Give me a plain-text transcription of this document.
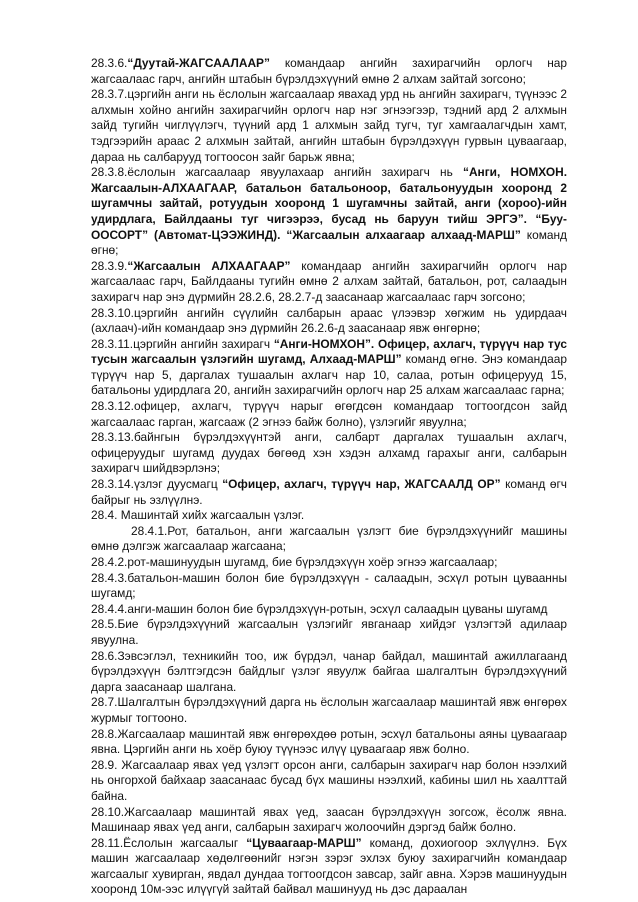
28.3.6.“Дуутай-ЖАГСААЛААР” командаар ангийн захирагчийн орлогч нар жагсаалаас гарч, ангийн штабын бүрэлдэхүүний өмнө 2 алхам зайтай зогсоно;

28.3.7.цэргийн анги нь ёслолын жагсаалаар явахад урд нь ангийн захирагч, түүнээс 2 алхмын хойно ангийн захирагчийн орлогч нар нэг эгнээгээр, тэдний ард 2 алхмын зайд тугийн чиглүүлэгч, түүний ард 1 алхмын зайд тугч, туг хамгаалагчдын хамт, тэдгээрийн араас 2 алхмын зайтай, ангийн штабын бүрэлдэхүүн гурвын цуваагаар, дараа нь салбарууд тогтоосон зайг барьж явна;

28.3.8.ёслолын жагсаалаар явуулахаар ангийн захирагч нь “Анги, НОМХОН. Жагсаалын-АЛХААГААР, батальон батальоноор, батальонуудын хооронд 2 шугамчны зайтай, ротуудын хооронд 1 шугамчны зайтай, анги (хороо)-ийн удирдлага, Байлдааны туг чигээрээ, бусад нь баруун тийш ЭРГЭ”. “Буу-ООСОРТ” (Автомат-ЦЭЭЖИНД). “Жагсаалын алхаагаар алхаад-МАРШ” команд өгнө;

28.3.9.“Жагсаалын АЛХААГААР” командаар ангийн захирагчийн орлогч нар жагсаалаас гарч, Байлдааны тугийн өмнө 2 алхам зайтай, батальон, рот, салаадын захирагч нар энэ дүрмийн 28.2.6, 28.2.7-д заасанаар жагсаалаас гарч зогсоно;

28.3.10.цэргийн ангийн сүүлийн салбарын араас үлээвэр хөгжим нь удирдаач (ахлаач)-ийн командаар энэ дүрмийн 26.2.6-д заасанаар явж өнгөрнө;

28.3.11.цэргийн ангийн захирагч “Анги-НОМХОН”. Офицер, ахлагч, түрүүч нар тус тусын жагсаалын үзлэгийн шугамд, Алхаад-МАРШ” команд өгнө. Энэ командаар түрүүч нар 5, даргалах тушаалын ахлагч нар 10, салаа, ротын офицерууд 15, батальоны удирдлага 20, ангийн захирагчийн орлогч нар 25 алхам жагсаалаас гарна;

28.3.12.офицер, ахлагч, түрүүч нарыг өгөгдсөн командаар тогтоогдсон зайд жагсаалаас гарган, жагсааж (2 эгнээ байж болно), үзлэгийг явуулна;

28.3.13.байнгын бүрэлдэхүүнтэй анги, салбарт даргалах тушаалын ахлагч, офицеруудыг шугамд дуудах бөгөөд хэн хэдэн алхамд гарахыг анги, салбарын захирагч шийдвэрлэнэ;

28.3.14.үзлэг дуусмагц “Офицер, ахлагч, түрүүч нар, ЖАГСААЛД ОР” команд өгч байрыг нь эзлүүлнэ.

28.4. Машинтай хийх жагсаалын үзлэг.

28.4.1.Рот, батальон, анги жагсаалын үзлэгт бие бүрэлдэхүүнийг машины өмнө дэлгэж жагсаалаар жагсаана;

28.4.2.рот-машинуудын шугамд, бие бүрэлдэхүүн хоёр эгнээ жагсаалаар;

28.4.3.батальон-машин болон бие бүрэлдэхүүн - салаадын, эсхүл ротын цуваанны шугамд;

28.4.4.анги-машин болон бие бүрэлдэхүүн-ротын, эсхүл салаадын цуваны шугамд

28.5.Бие бүрэлдэхүүний жагсаалын үзлэгийг явганаар хийдэг үзлэгтэй адилаар явуулна.

28.6.Зэвсэглэл, техникийн тоо, иж бүрдэл, чанар байдал, машинтай ажиллагаанд бүрэлдэхүүн бэлтгэгдсэн байдлыг үзлэг явуулж байгаа шалгалтын бүрэлдэхүүний дарга заасанаар шалгана.

28.7.Шалгалтын бүрэлдэхүүний дарга нь ёслолын жагсаалаар машинтай явж өнгөрөх журмыг тогтооно.

28.8.Жагсаалаар машинтай явж өнгөрөхдөө ротын, эсхүл батальоны аяны цуваагаар явна. Цэргийн анги нь хоёр буюу түүнээс илүү цуваагаар явж болно.

28.9. Жагсаалаар явах үед үзлэгт орсон анги, салбарын захирагч нар болон нээлхий нь онгорхой байхаар заасанаас бусад бүх машины нээлхий, кабины шил нь хаалттай байна.

28.10.Жагсаалаар машинтай явах үед, заасан бүрэлдэхүүн зогсож, ёсолж явна. Машинаар явах үед анги, салбарын захирагч жолоочийн дэргэд байж болно.

28.11.Ёслолын жагсаалыг “Цуваагаар-МАРШ” команд, дохиогоор эхлүүлнэ. Бүх машин жагсаалаар хөдөлгөөнийг нэгэн зэрэг эхлэх буюу захирагчийн командаар жагсаалыг хувирган, явдал дундаа тогтоогдсон завсар, зайг авна. Хэрэв машинуудын хооронд 10м-ээс илүүгүй зайтай байвал машинууд нь дэс дараалан
